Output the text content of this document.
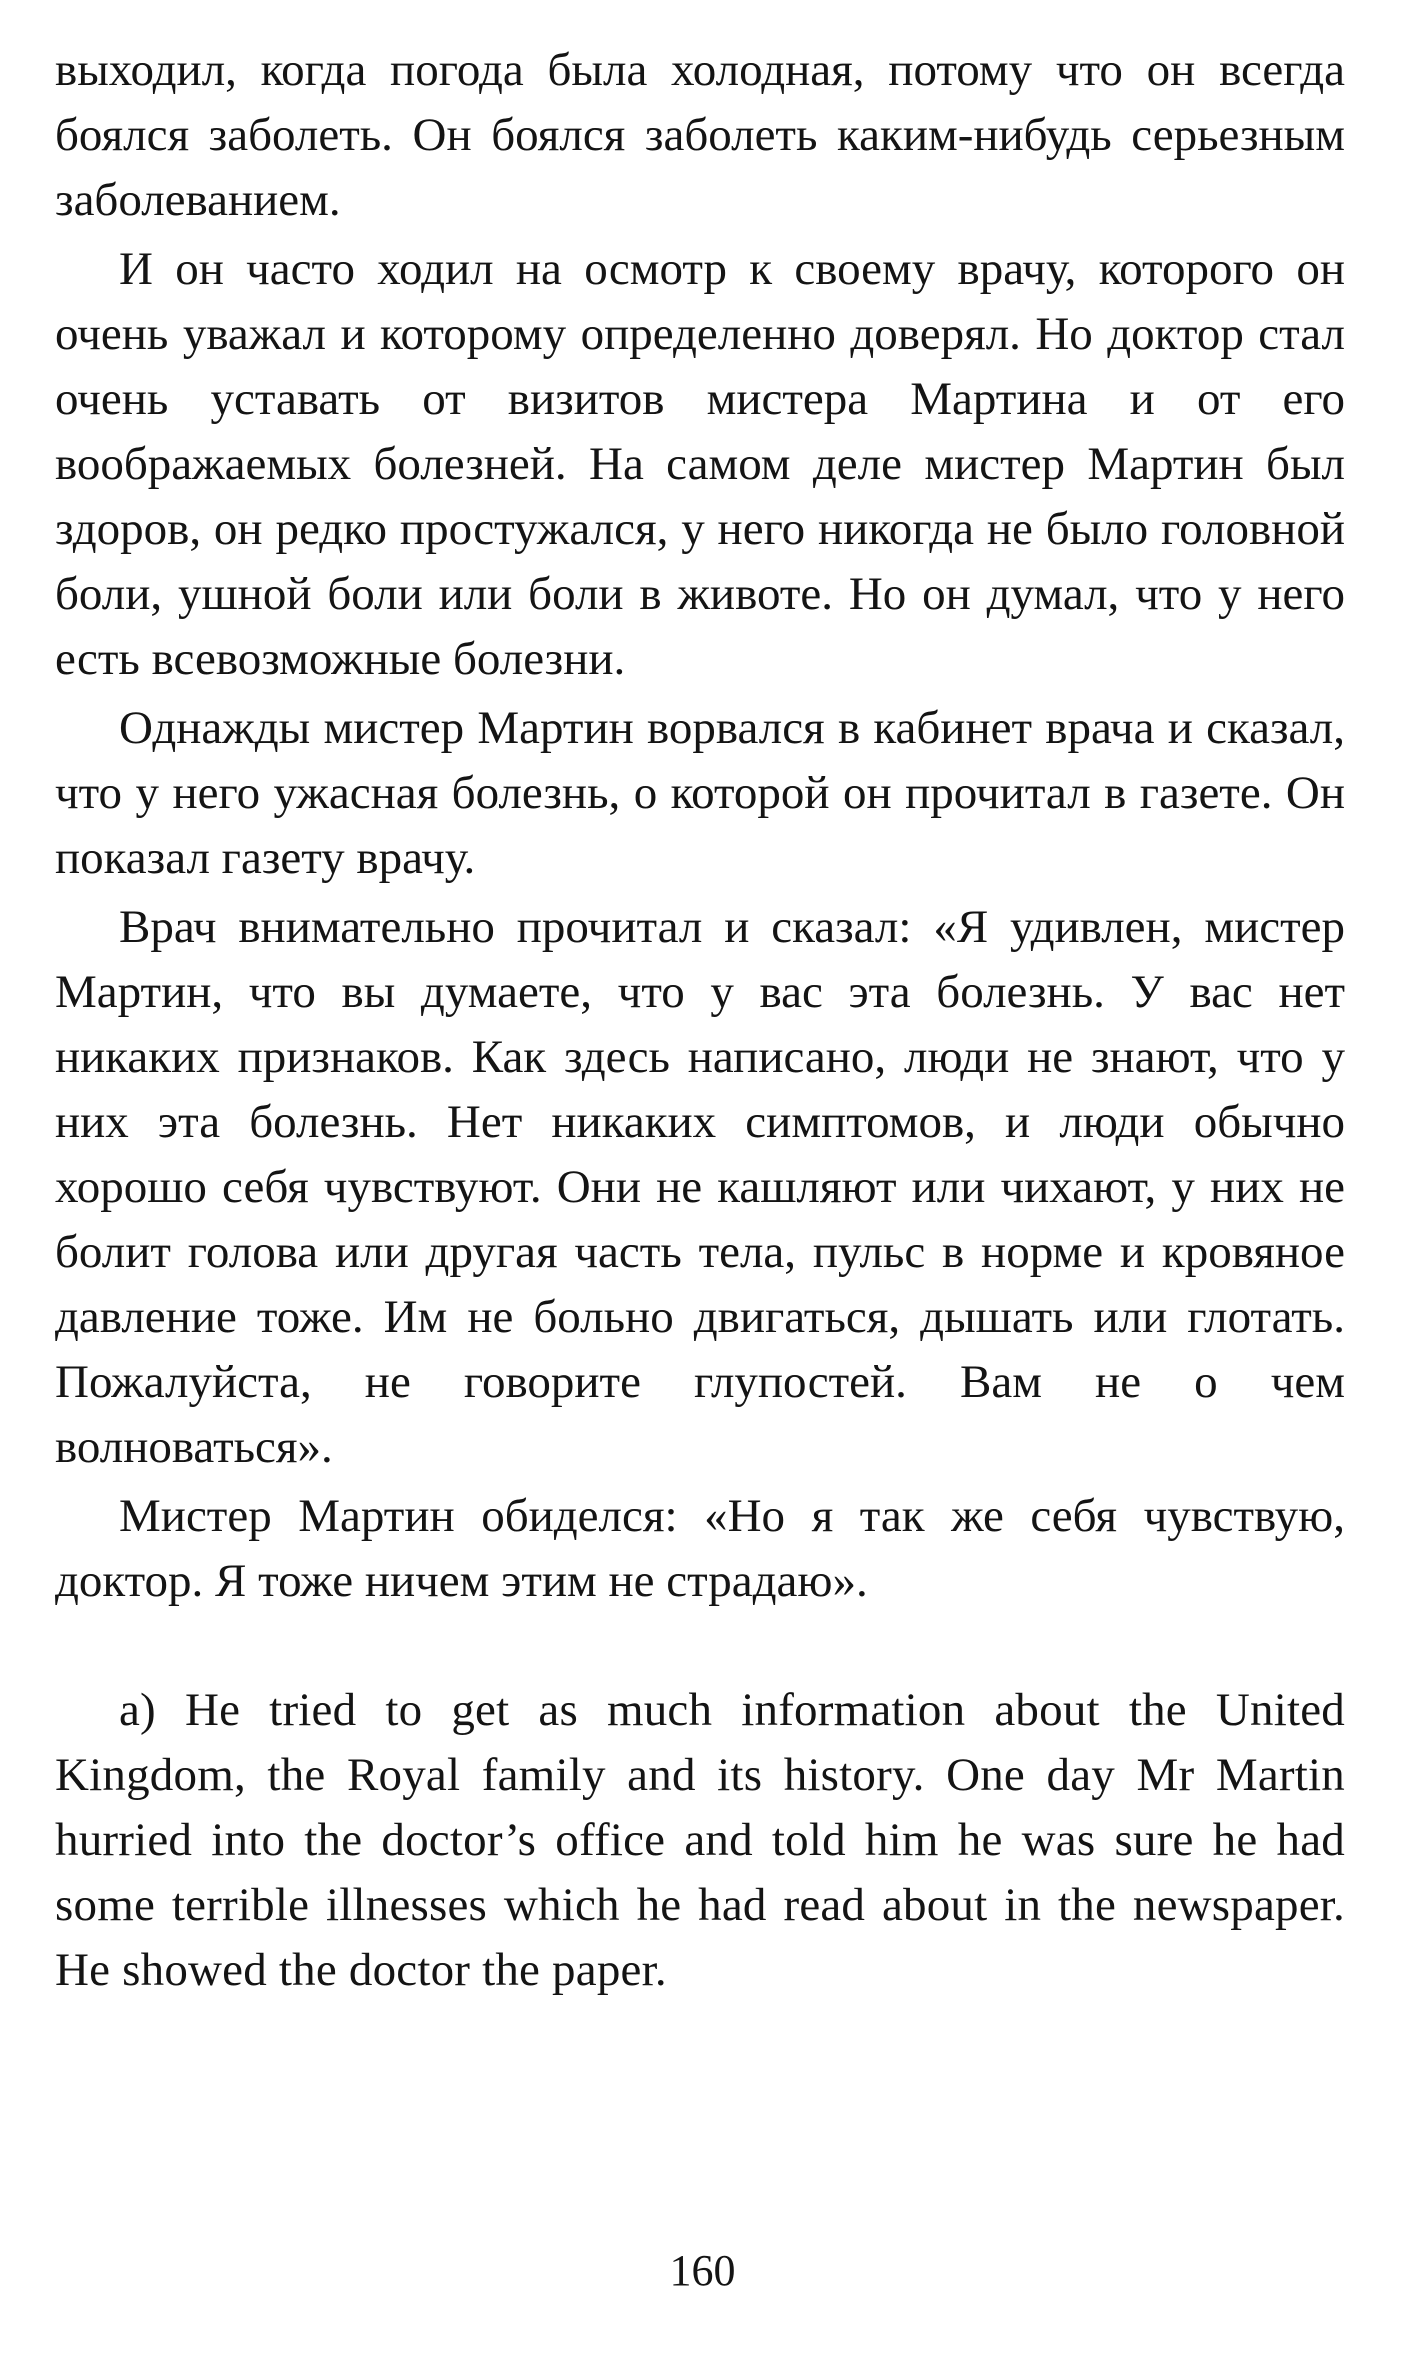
выходил, когда погода была холодная, потому что он всегда боялся заболеть. Он боялся заболеть каким-нибудь серьезным заболеванием.

И он часто ходил на осмотр к своему врачу, которого он очень уважал и которому определенно доверял. Но доктор стал очень уставать от визитов мистера Мартина и от его воображаемых болезней. На самом деле мистер Мартин был здоров, он редко простужался, у него никогда не было головной боли, ушной боли или боли в животе. Но он думал, что у него есть всевозможные болезни.

Однажды мистер Мартин ворвался в кабинет врача и сказал, что у него ужасная болезнь, о которой он прочитал в газете. Он показал газету врачу.

Врач внимательно прочитал и сказал: «Я удивлен, мистер Мартин, что вы думаете, что у вас эта болезнь. У вас нет никаких признаков. Как здесь написано, люди не знают, что у них эта болезнь. Нет никаких симптомов, и люди обычно хорошо себя чувствуют. Они не кашляют или чихают, у них не болит голова или другая часть тела, пульс в норме и кровяное давление тоже. Им не больно двигаться, дышать или глотать. Пожалуйста, не говорите глупостей. Вам не о чем волноваться».

Мистер Мартин обиделся: «Но я так же себя чувствую, доктор. Я тоже ничем этим не страдаю».

a) He tried to get as much information about the United Kingdom, the Royal family and its history. One day Mr Martin hurried into the doctor’s office and told him he was sure he had some terrible illnesses which he had read about in the newspaper. He showed the doctor the paper.

160
